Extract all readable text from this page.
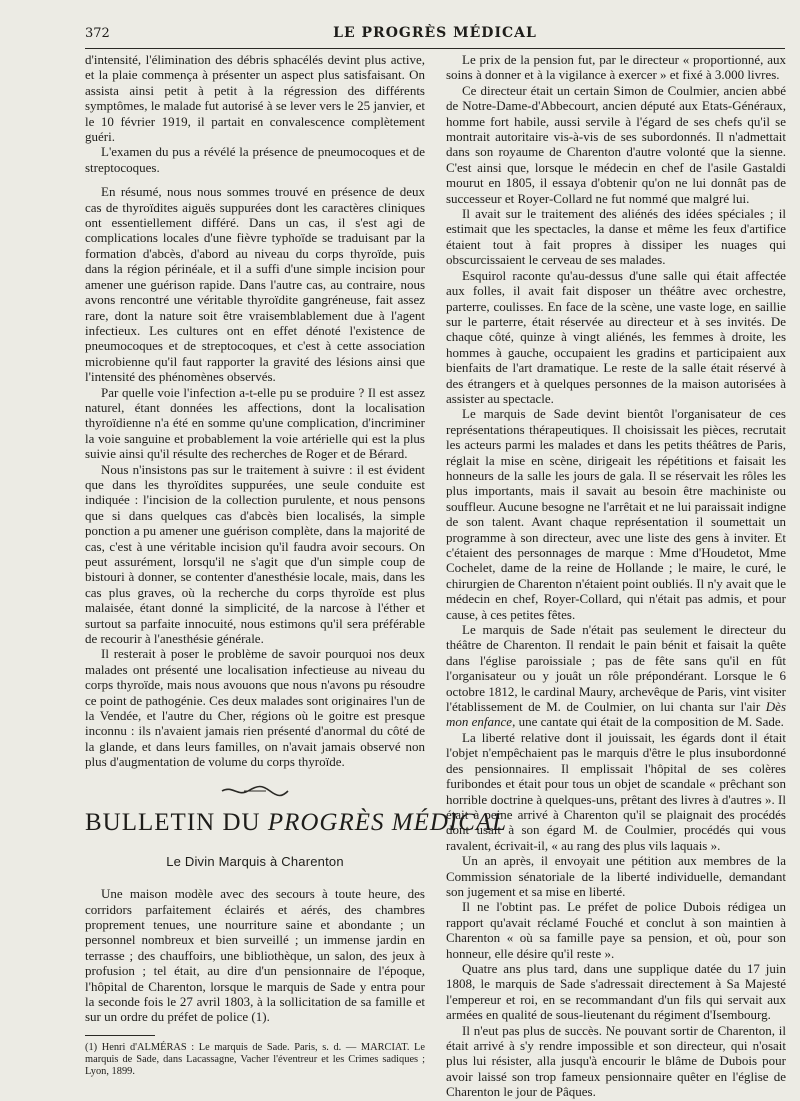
372	LE PROGRÈS MÉDICAL

d'intensité, l'élimination des débris sphacélés devint plus active, et la plaie commença à présenter un aspect plus satisfaisant. On assista ainsi petit à petit à la régression des différents symptômes, le malade fut autorisé à se lever vers le 25 janvier, et le 10 février 1919, il partait en convalescence complètement guéri.

L'examen du pus a révélé la présence de pneumocoques et de streptocoques.

En résumé, nous nous sommes trouvé en présence de deux cas de thyroïdites aiguës suppurées dont les caractères cliniques ont essentiellement différé. Dans un cas, il s'est agi de complications locales d'une fièvre typhoïde se traduisant par la formation d'abcès, d'abord au niveau du corps thyroïde, puis dans la région périnéale, et il a suffi d'une simple incision pour amener une guérison rapide. Dans l'autre cas, au contraire, nous avons rencontré une véritable thyroïdite gangréneuse, fait assez rare, dont la nature soit être vraisemblablement due à l'agent infectieux. Les cultures ont en effet dénoté l'existence de pneumocoques et de streptocoques, et c'est à cette association microbienne qu'il faut rapporter la gravité des lésions ainsi que l'intensité des phénomènes observés.

Par quelle voie l'infection a-t-elle pu se produire ? Il est assez naturel, étant données les affections, dont la localisation thyroïdienne n'a été en somme qu'une complication, d'incriminer la voie sanguine et probablement la voie artérielle qui est la plus suivie ainsi qu'il résulte des recherches de Roger et de Bérard.

Nous n'insistons pas sur le traitement à suivre : il est évident que dans les thyroïdites suppurées, une seule conduite est indiquée : l'incision de la collection purulente, et nous pensons que si dans quelques cas d'abcès bien localisés, la simple ponction a pu amener une guérison complète, dans la majorité de cas, c'est à une véritable incision qu'il faudra avoir secours. On peut assurément, lorsqu'il ne s'agit que d'un simple coup de bistouri à donner, se contenter d'anesthésie locale, mais, dans les cas plus graves, où la recherche du corps thyroïde est plus malaisée, étant donné la simplicité, de la narcose à l'éther et surtout sa parfaite innocuité, nous estimons qu'il sera préférable de recourir à l'anesthésie générale.

Il resterait à poser le problème de savoir pourquoi nos deux malades ont présenté une localisation infectieuse au niveau du corps thyroïde, mais nous avouons que nous n'avons pu résoudre ce point de pathogénie. Ces deux malades sont originaires l'un de la Vendée, et l'autre du Cher, régions où le goitre est presque inconnu : ils n'avaient jamais rien présenté d'anormal du côté de la glande, et dans leurs familles, on n'avait jamais observé non plus d'augmentation de volume du corps thyroïde.

BULLETIN DU PROGRÈS MÉDICAL
Le Divin Marquis à Charenton

Une maison modèle avec des secours à toute heure, des corridors parfaitement éclairés et aérés, des chambres proprement tenues, une nourriture saine et abondante ; un personnel nombreux et bien surveillé ; un immense jardin en terrasse ; des chauffoirs, une bibliothèque, un salon, des jeux à profusion ; tel était, au dire d'un pensionnaire de l'époque, l'hôpital de Charenton, lorsque le marquis de Sade y entra pour la seconde fois le 27 avril 1803, à la sollicitation de sa famille et sur un ordre du préfet de police (1).

(1) Henri d'ALMÉRAS : Le marquis de Sade. Paris, s. d. — MARCIAT. Le marquis de Sade, dans Lacassagne, Vacher l'éventreur et les Crimes sadiques ; Lyon, 1899.

Le prix de la pension fut, par le directeur « proportionné, aux soins à donner et à la vigilance à exercer » et fixé à 3.000 livres.

Ce directeur était un certain Simon de Coulmier, ancien abbé de Notre-Dame-d'Abbecourt, ancien député aux Etats-Généraux, homme fort habile, aussi servile à l'égard de ses chefs qu'il se montrait autoritaire vis-à-vis de ses subordonnés. Il n'admettait dans son royaume de Charenton d'autre volonté que la sienne. C'est ainsi que, lorsque le médecin en chef de l'asile Gastaldi mourut en 1805, il essaya d'obtenir qu'on ne lui donnât pas de successeur et Royer-Collard ne fut nommé que malgré lui.

Il avait sur le traitement des aliénés des idées spéciales ; il estimait que les spectacles, la danse et même les feux d'artifice étaient tout à fait propres à dissiper les nuages qui obscurcissaient le cerveau de ses malades.

Esquirol raconte qu'au-dessus d'une salle qui était affectée aux folles, il avait fait disposer un théâtre avec orchestre, parterre, coulisses. En face de la scène, une vaste loge, en saillie sur le parterre, était réservée au directeur et à ses invités. De chaque côté, quinze à vingt aliénés, les femmes à droite, les hommes à gauche, occupaient les gradins et participaient aux bienfaits de l'art dramatique. Le reste de la salle était réservé à des étrangers et à quelques personnes de la maison autorisées à assister au spectacle.

Le marquis de Sade devint bientôt l'organisateur de ces représentations thérapeutiques. Il choisissait les pièces, recrutait les acteurs parmi les malades et dans les petits théâtres de Paris, réglait la mise en scène, dirigeait les répétitions et faisait les honneurs de la salle les jours de gala. Il se réservait les rôles les plus importants, mais il savait au besoin être machiniste ou souffleur. Aucune besogne ne l'arrêtait et ne lui paraissait indigne de son talent. Avant chaque représentation il soumettait un programme à son directeur, avec une liste des gens à inviter. Et c'étaient des personnages de marque : Mme d'Houdetot, Mme Cochelet, dame de la reine de Hollande ; le maire, le curé, le chirurgien de Charenton n'étaient point oubliés. Il n'y avait que le médecin en chef, Royer-Collard, qui n'était pas admis, et pour cause, à ces petites fêtes.

Le marquis de Sade n'était pas seulement le directeur du théâtre de Charenton. Il rendait le pain bénit et faisait la quête dans l'église paroissiale ; pas de fête sans qu'il en fût l'organisateur ou y jouât un rôle prépondérant. Lorsque le 6 octobre 1812, le cardinal Maury, archevêque de Paris, vint visiter l'établissement de M. de Coulmier, on lui chanta sur l'air Dès mon enfance, une cantate qui était de la composition de M. Sade.

La liberté relative dont il jouissait, les égards dont il était l'objet n'empêchaient pas le marquis d'être le plus insubordonné des pensionnaires. Il emplissait l'hôpital de ses colères furibondes et était pour tous un objet de scandale « prêchant son horrible doctrine à quelques-uns, prêtant des livres à d'autres ». Il était à peine arrivé à Charenton qu'il se plaignait des procédés dont usait à son égard M. de Coulmier, procédés qui vous ravalent, écrivait-il, « au rang des plus vils laquais ».

Un an après, il envoyait une pétition aux membres de la Commission sénatoriale de la liberté individuelle, demandant son jugement et sa mise en liberté.

Il ne l'obtint pas. Le préfet de police Dubois rédigea un rapport qu'avait réclamé Fouché et conclut à son maintien à Charenton « où sa famille paye sa pension, et où, pour son honneur, elle désire qu'il reste ».

Quatre ans plus tard, dans une supplique datée du 17 juin 1808, le marquis de Sade s'adressait directement à Sa Majesté l'empereur et roi, en se recommandant d'un fils qui servait aux armées en qualité de sous-lieutenant du régiment d'Isembourg.

Il n'eut pas plus de succès. Ne pouvant sortir de Charenton, il était arrivé à s'y rendre impossible et son directeur, qui n'osait plus lui résister, alla jusqu'à encourir le blâme de Dubois pour avoir laissé son trop fameux pensionnaire quêter en l'église de Charenton le jour de Pâques.
